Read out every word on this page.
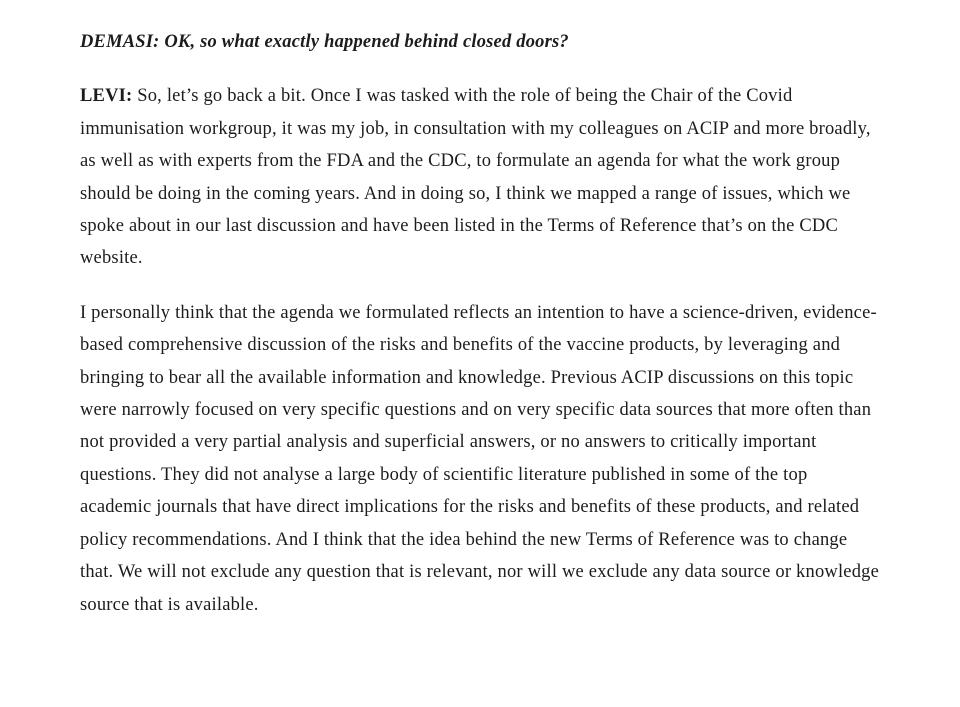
DEMASI: OK, so what exactly happened behind closed doors?

LEVI: So, let’s go back a bit. Once I was tasked with the role of being the Chair of the Covid immunisation workgroup, it was my job, in consultation with my colleagues on ACIP and more broadly, as well as with experts from the FDA and the CDC, to formulate an agenda for what the work group should be doing in the coming years. And in doing so, I think we mapped a range of issues, which we spoke about in our last discussion and have been listed in the Terms of Reference that’s on the CDC website.

I personally think that the agenda we formulated reflects an intention to have a science-driven, evidence-based comprehensive discussion of the risks and benefits of the vaccine products, by leveraging and bringing to bear all the available information and knowledge. Previous ACIP discussions on this topic were narrowly focused on very specific questions and on very specific data sources that more often than not provided a very partial analysis and superficial answers, or no answers to critically important questions. They did not analyse a large body of scientific literature published in some of the top academic journals that have direct implications for the risks and benefits of these products, and related policy recommendations. And I think that the idea behind the new Terms of Reference was to change that. We will not exclude any question that is relevant, nor will we exclude any data source or knowledge source that is available.
